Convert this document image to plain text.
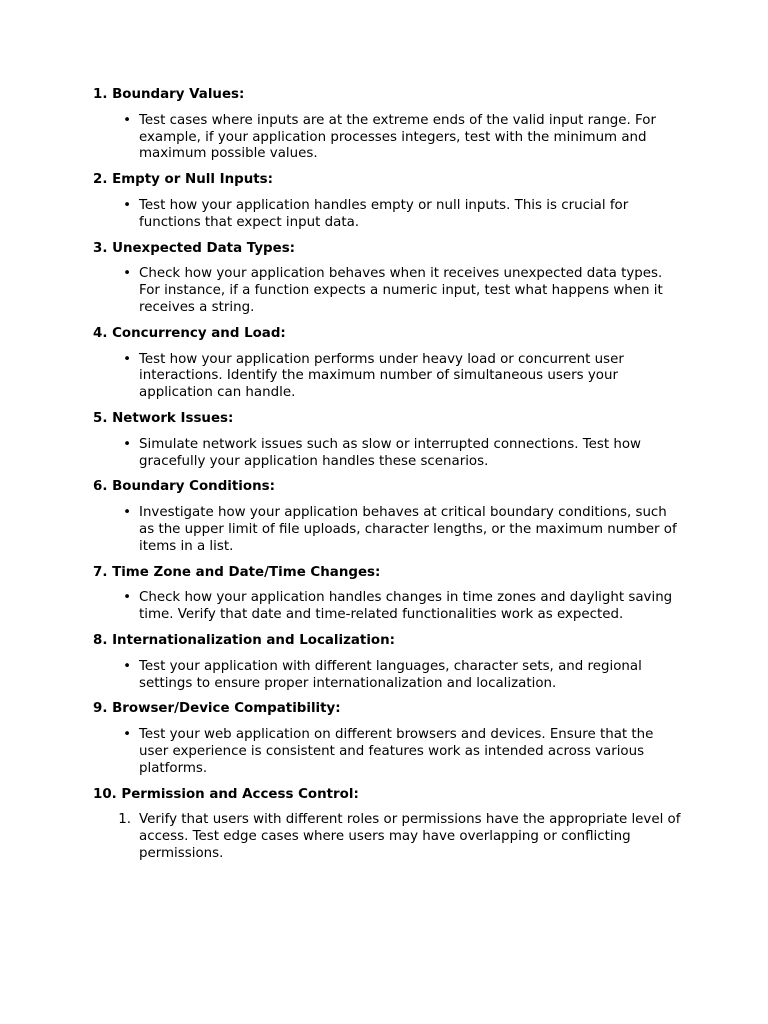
1. Boundary Values:
• Test cases where inputs are at the extreme ends of the valid input range. For example, if your application processes integers, test with the minimum and maximum possible values.
2. Empty or Null Inputs:
• Test how your application handles empty or null inputs. This is crucial for functions that expect input data.
3. Unexpected Data Types:
• Check how your application behaves when it receives unexpected data types. For instance, if a function expects a numeric input, test what happens when it receives a string.
4. Concurrency and Load:
• Test how your application performs under heavy load or concurrent user interactions. Identify the maximum number of simultaneous users your application can handle.
5. Network Issues:
• Simulate network issues such as slow or interrupted connections. Test how gracefully your application handles these scenarios.
6. Boundary Conditions:
• Investigate how your application behaves at critical boundary conditions, such as the upper limit of file uploads, character lengths, or the maximum number of items in a list.
7. Time Zone and Date/Time Changes:
• Check how your application handles changes in time zones and daylight saving time. Verify that date and time-related functionalities work as expected.
8. Internationalization and Localization:
• Test your application with different languages, character sets, and regional settings to ensure proper internationalization and localization.
9. Browser/Device Compatibility:
• Test your web application on different browsers and devices. Ensure that the user experience is consistent and features work as intended across various platforms.
10. Permission and Access Control:
1. Verify that users with different roles or permissions have the appropriate level of access. Test edge cases where users may have overlapping or conflicting permissions.
